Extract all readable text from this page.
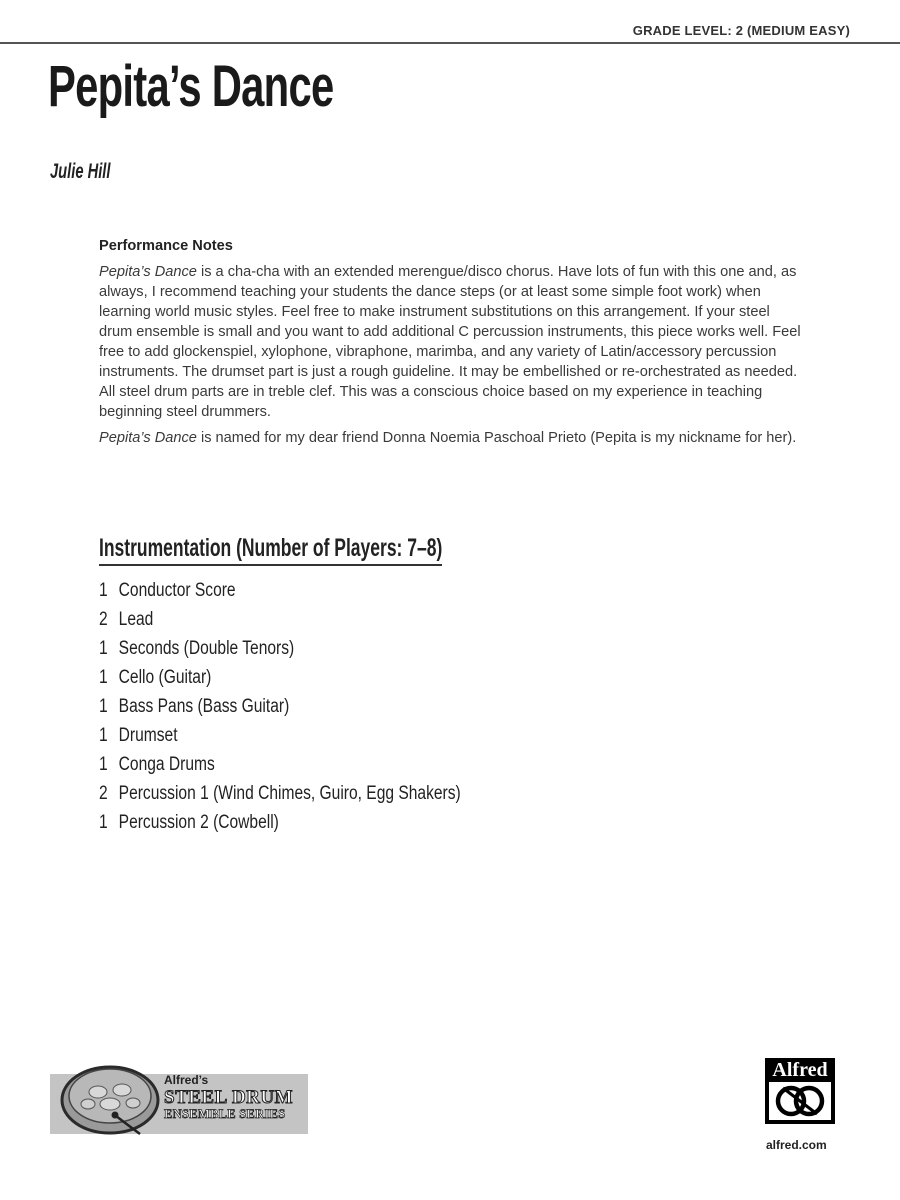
GRADE LEVEL: 2 (MEDIUM EASY)
Pepita’s Dance
Julie Hill
Performance Notes

Pepita’s Dance is a cha-cha with an extended merengue/disco chorus. Have lots of fun with this one and, as always, I recommend teaching your students the dance steps (or at least some simple foot work) when learning world music styles. Feel free to make instrument substitutions on this arrangement. If your steel drum ensemble is small and you want to add additional C percussion instruments, this piece works well. Feel free to add glockenspiel, xylophone, vibraphone, marimba, and any variety of Latin/accessory percussion instruments. The drumset part is just a rough guideline. It may be embellished or re-orchestrated as needed. All steel drum parts are in treble clef. This was a conscious choice based on my experience in teaching beginning steel drummers.

Pepita’s Dance is named for my dear friend Donna Noemia Paschoal Prieto (Pepita is my nickname for her).

Instrumentation (Number of Players: 7–8)
1 Conductor Score
2 Lead
1 Seconds (Double Tenors)
1 Cello (Guitar)
1 Bass Pans (Bass Guitar)
1 Drumset
1 Conga Drums
2 Percussion 1 (Wind Chimes, Guiro, Egg Shakers)
1 Percussion 2 (Cowbell)
Alfred’s
STEEL DRUM
ENSEMBLE SERIES
Alfred
alfred.com
